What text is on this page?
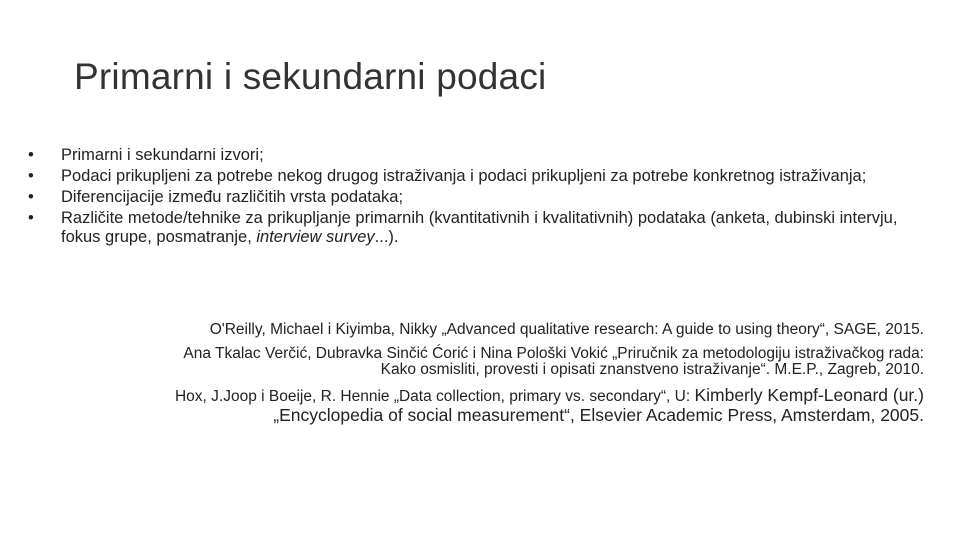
Primarni i sekundarni podaci
• Primarni i sekundarni izvori;
• Podaci prikupljeni za potrebe nekog drugog istraživanja i podaci prikupljeni za potrebe konkretnog istraživanja;
• Diferencijacije između različitih vrsta podataka;
• Različite metode/tehnike za prikupljanje primarnih (kvantitativnih i kvalitativnih) podataka (anketa, dubinski intervju, fokus grupe, posmatranje, interview survey...).
O'Reilly, Michael i Kiyimba, Nikky „Advanced qualitative research: A guide to using theory“, SAGE, 2015.
Ana Tkalac Verčić, Dubravka Sinčić Ćorić i Nina Pološki Vokić „Priručnik za metodologiju istraživačkog rada:
Kako osmisliti, provesti i opisati znanstveno istraživanje“. M.E.P., Zagreb, 2010.
Hox, J.Joop i Boeije, R. Hennie „Data collection, primary vs. secondary“, U: Kimberly Kempf-Leonard (ur.)
„Encyclopedia of social measurement“, Elsevier Academic Press, Amsterdam, 2005.
